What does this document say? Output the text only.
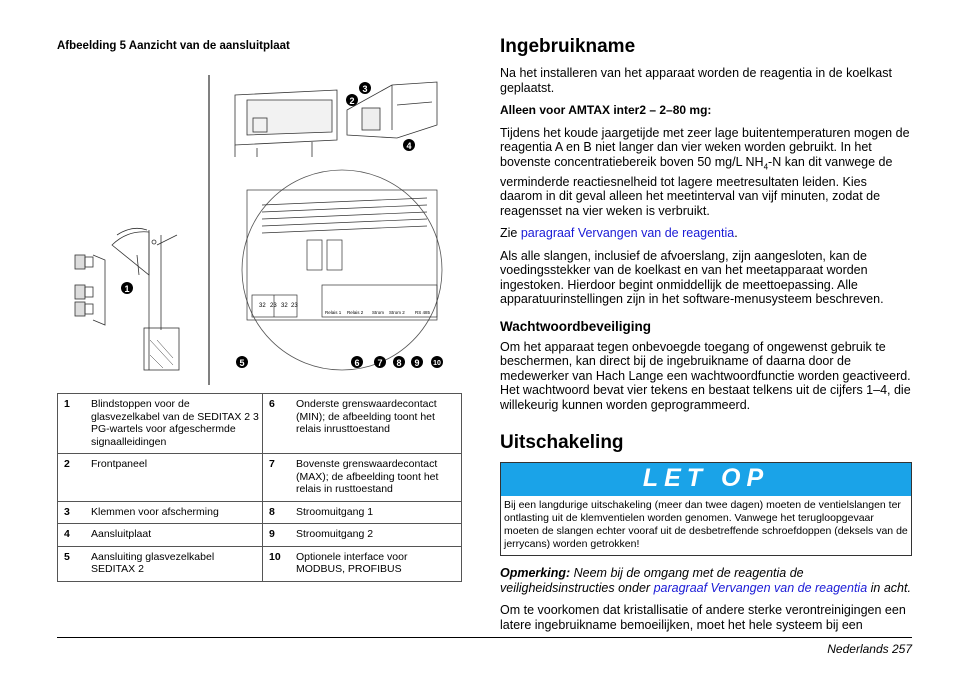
Afbeelding 5 Aanzicht van de aansluitplaat
1
2
3
4
32 23 32 23
Relais 1 Relais 2 Strom Strom 2 RS 485
5	6 7 8 9 10
1	Blindstoppen voor de glasvezelkabel van de SEDITAX 2 3 PG-wartels voor afgeschermde signaalleidingen	6	Onderste grenswaardecontact (MIN); de afbeelding toont het relais inrusttoestand
2	Frontpaneel	7	Bovenste grenswaardecontact (MAX); de afbeelding toont het relais in rusttoestand
3	Klemmen voor afscherming	8	Stroomuitgang 1
4	Aansluitplaat	9	Stroomuitgang 2
5	Aansluiting glasvezelkabel SEDITAX 2	10	Optionele interface voor MODBUS, PROFIBUS
Ingebruikname

Na het installeren van het apparaat worden de reagentia in de koelkast geplaatst.

Alleen voor AMTAX inter2 – 2–80 mg:

Tijdens het koude jaargetijde met zeer lage buitentemperaturen mogen de reagentia A en B niet langer dan vier weken worden gebruikt. In het bovenste concentratiebereik boven 50 mg/L $NH_4-N$ kan dit vanwege de verminderde reactiesnelheid tot lagere meetresultaten leiden. Kies daarom in dit geval alleen het meetinterval van vijf minuten, zodat de reagensset na vier weken is verbruikt.

Zie paragraaf Vervangen van de reagentia.

Als alle slangen, inclusief de afvoerslang, zijn aangesloten, kan de voedingsstekker van de koelkast en van het meetapparaat worden ingestoken. Hierdoor begint onmiddellijk de meettoepassing. Alle apparatuurinstellingen zijn in het software-menusysteem beschreven.

Wachtwoordbeveiliging

Om het apparaat tegen onbevoegde toegang of ongewenst gebruik te beschermen, kan direct bij de ingebruikname of daarna door de medewerker van Hach Lange een wachtwoordfunctie worden geactiveerd. Het wachtwoord bevat vier tekens en bestaat telkens uit de cijfers 1–4, die willekeurig kunnen worden geprogrammeerd.

Uitschakeling
LET OP
Bij een langdurige uitschakeling (meer dan twee dagen) moeten de ventielslangen ter ontlasting uit de klemventielen worden genomen. Vanwege het terugloopgevaar moeten de slangen echter vooraf uit de desbetreffende schroefdoppen (deksels van de jerrycans) worden getrokken!

Opmerking: Neem bij de omgang met de reagentia de veiligheidsinstructies onder paragraaf Vervangen van de reagentia in acht.

Om te voorkomen dat kristallisatie of andere sterke verontreinigingen een latere ingebruikname bemoeilijken, moet het hele systeem bij een

Nederlands 257
